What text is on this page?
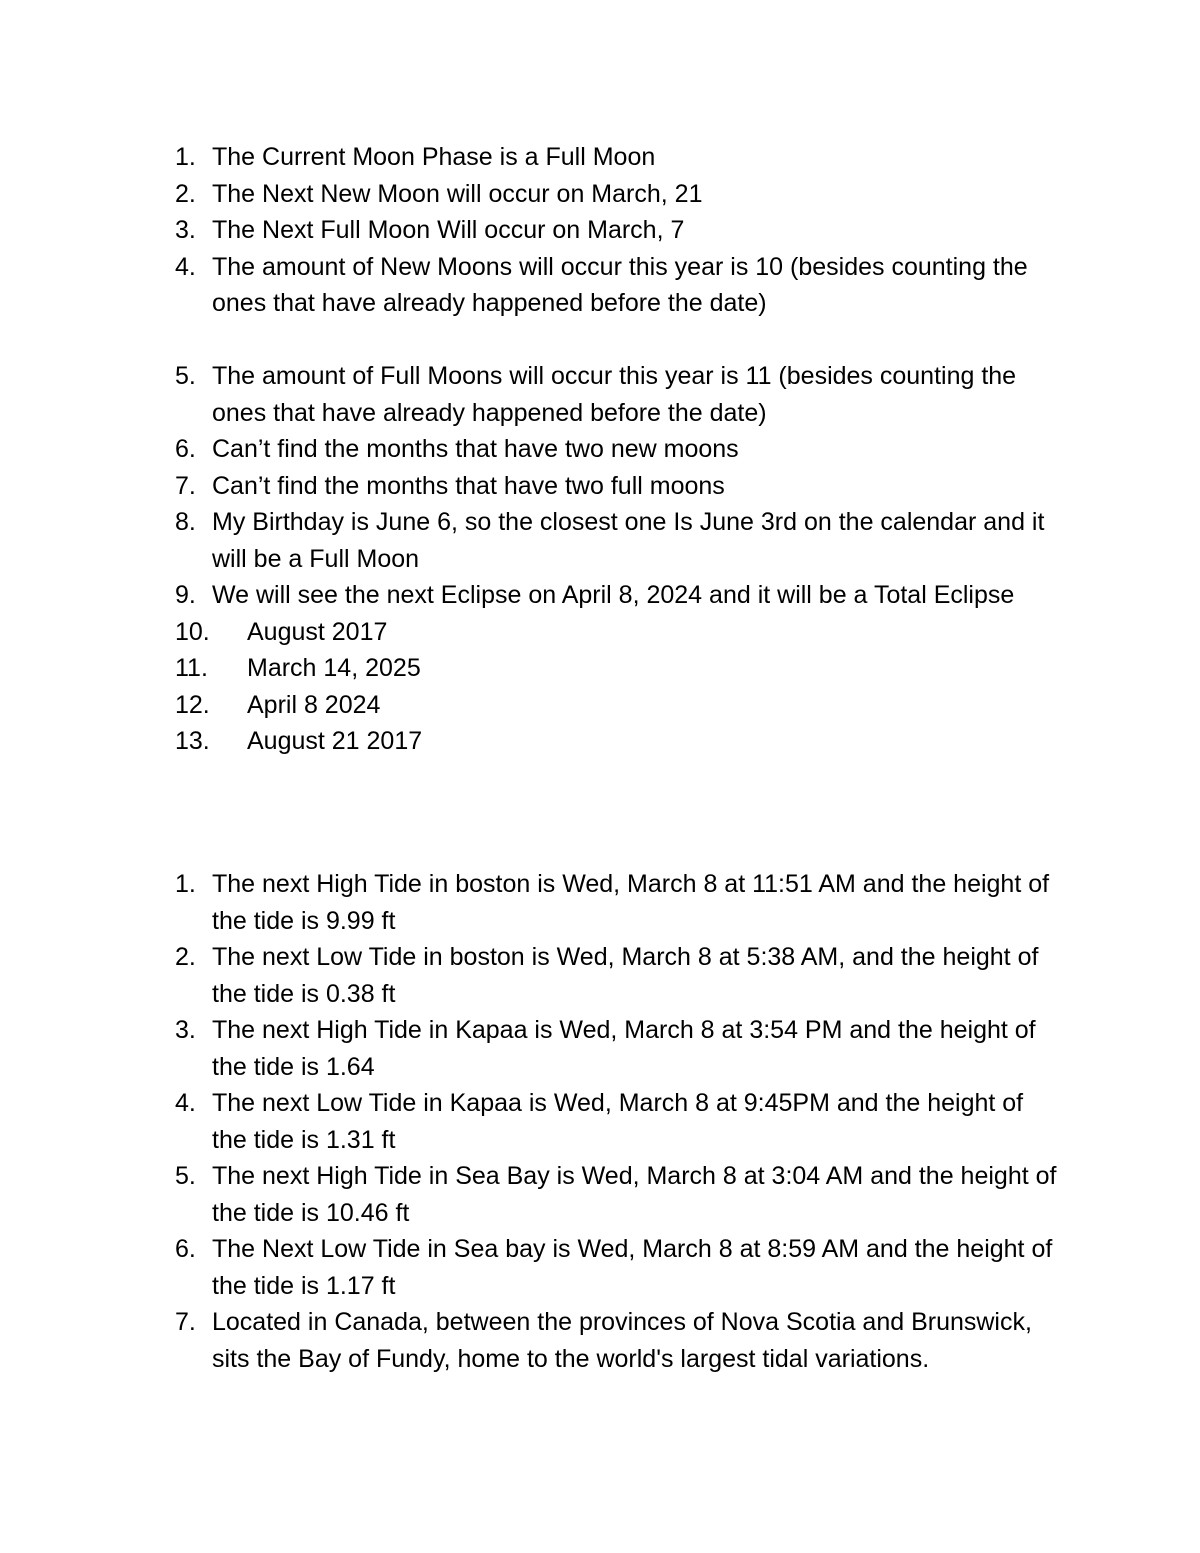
1. The Current Moon Phase is a Full Moon
2. The Next New Moon will occur on March, 21
3. The Next Full Moon Will occur on March, 7
4. The amount of New Moons will occur this year is 10 (besides counting the ones that have already happened before the date)
5. The amount of Full Moons will occur this year is 11 (besides counting the ones that have already happened before the date)
6. Can’t find the months that have two new moons
7. Can’t find the months that have two full moons
8. My Birthday is June 6, so the closest one Is June 3rd on the calendar and it will be a Full Moon
9. We will see the next Eclipse on April 8, 2024 and it will be a Total Eclipse
10. August 2017
11. March 14, 2025
12. April 8 2024
13. August 21 2017
1. The next High Tide in boston is Wed, March 8 at 11:51 AM and the height of the tide is 9.99 ft
2. The next Low Tide in boston is Wed, March 8 at 5:38 AM, and the height of the tide is 0.38 ft
3. The next High Tide in Kapaa is Wed, March 8 at 3:54 PM and the height of the tide is 1.64
4. The next Low Tide in Kapaa is Wed, March 8 at 9:45PM and the height of the tide is 1.31 ft
5. The next High Tide in Sea Bay is Wed, March 8 at 3:04 AM and the height of the tide is 10.46 ft
6. The Next Low Tide in Sea bay is Wed, March 8 at 8:59 AM and the height of the tide is 1.17 ft
7. Located in Canada, between the provinces of Nova Scotia and Brunswick, sits the Bay of Fundy, home to the world's largest tidal variations.
